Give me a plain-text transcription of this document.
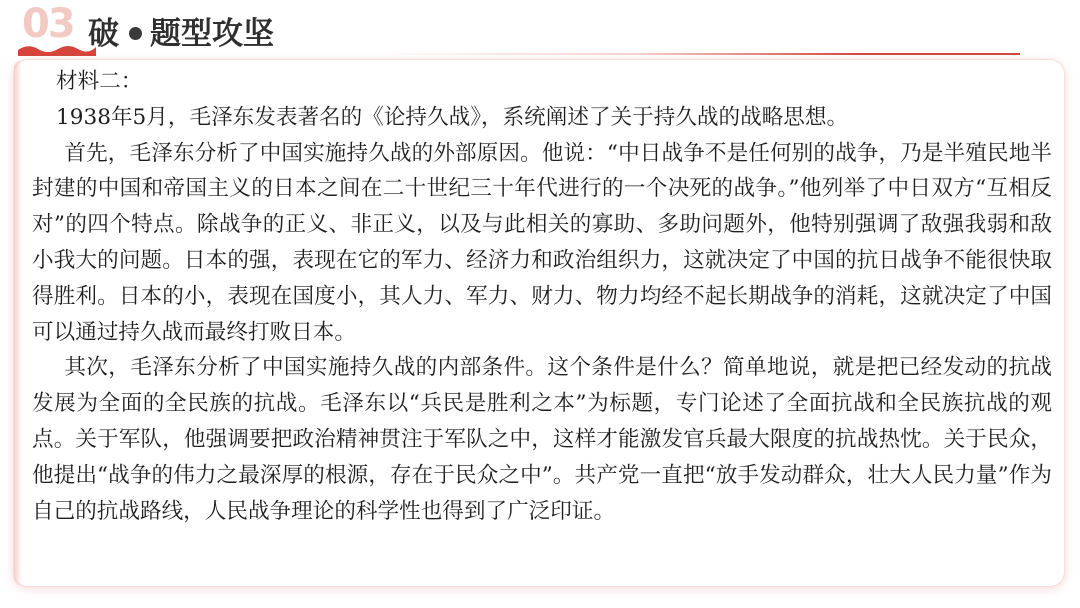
03 破 题型攻坚

材料二：

1938年5月，毛泽东发表著名的《论持久战》，系统阐述了关于持久战的战略思想。

首先，毛泽东分析了中国实施持久战的外部原因。他说：“中日战争不是任何别的战争，乃是半殖民地半封建的中国和帝国主义的日本之间在二十世纪三十年代进行的一个决死的战争。”他列举了中日双方“互相反对”的四个特点。除战争的正义、非正义，以及与此相关的寡助、多助问题外，他特别强调了敌强我弱和敌小我大的问题。日本的强，表现在它的军力、经济力和政治组织力，这就决定了中国的抗日战争不能很快取得胜利。日本的小，表现在国度小，其人力、军力、财力、物力均经不起长期战争的消耗，这就决定了中国可以通过持久战而最终打败日本。

其次，毛泽东分析了中国实施持久战的内部条件。这个条件是什么？简单地说，就是把已经发动的抗战发展为全面的全民族的抗战。毛泽东以“兵民是胜利之本”为标题，专门论述了全面抗战和全民族抗战的观点。关于军队，他强调要把政治精神贯注于军队之中，这样才能激发官兵最大限度的抗战热忱。关于民众，他提出“战争的伟力之最深厚的根源，存在于民众之中”。共产党一直把“放手发动群众，壮大人民力量”作为自己的抗战路线，人民战争理论的科学性也得到了广泛印证。
